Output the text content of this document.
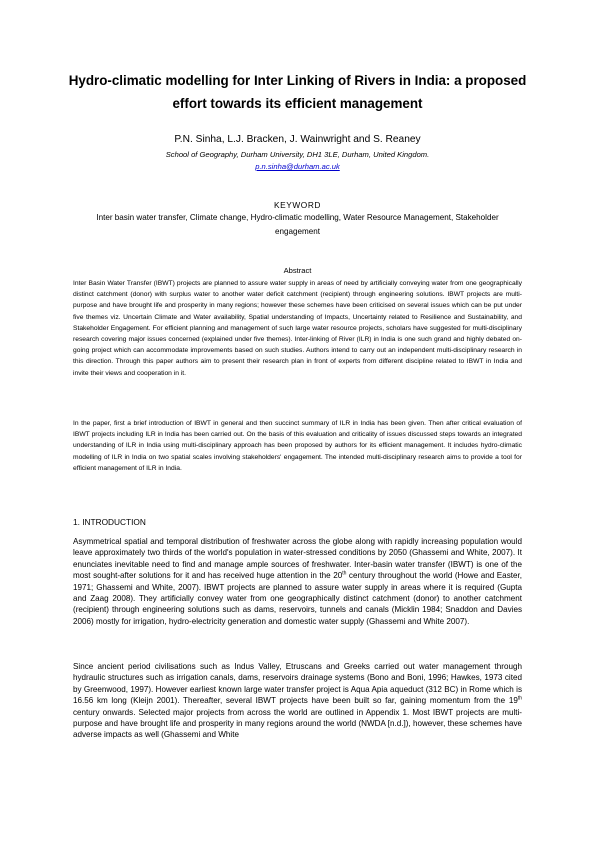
Hydro-climatic modelling for Inter Linking of Rivers in India: a proposed effort towards its efficient management
P.N. Sinha, L.J. Bracken, J. Wainwright and S. Reaney
School of Geography, Durham University, DH1 3LE, Durham, United Kingdom.
p.n.sinha@durham.ac.uk
KEYWORD
Inter basin water transfer, Climate change, Hydro-climatic modelling, Water Resource Management, Stakeholder engagement
Abstract
Inter Basin Water Transfer (IBWT) projects are planned to assure water supply in areas of need by artificially conveying water from one geographically distinct catchment (donor) with surplus water to another water deficit catchment (recipient) through engineering solutions. IBWT projects are multi-purpose and have brought life and prosperity in many regions; however these schemes have been criticised on several issues which can be put under five themes viz. Uncertain Climate and Water availability, Spatial understanding of Impacts, Uncertainty related to Resilience and Sustainability, and Stakeholder Engagement. For efficient planning and management of such large water resource projects, scholars have suggested for multi-disciplinary research covering major issues concerned (explained under five themes). Inter-linking of River (ILR) in India is one such grand and highly debated on-going project which can accommodate improvements based on such studies. Authors intend to carry out an independent multi-disciplinary research in this direction. Through this paper authors aim to present their research plan in front of experts from different discipline related to IBWT in India and invite their views and cooperation in it.
In the paper, first a brief introduction of IBWT in general and then succinct summary of ILR in India has been given. Then after critical evaluation of IBWT projects including ILR in India has been carried out. On the basis of this evaluation and criticality of issues discussed steps towards an integrated understanding of ILR in India using multi-disciplinary approach has been proposed by authors for its efficient management. It includes hydro-climatic modelling of ILR in India on two spatial scales involving stakeholders' engagement. The intended multi-disciplinary research aims to provide a tool for efficient management of ILR in India.
1. INTRODUCTION
Asymmetrical spatial and temporal distribution of freshwater across the globe along with rapidly increasing population would leave approximately two thirds of the world's population in water-stressed conditions by 2050 (Ghassemi and White, 2007). It enunciates inevitable need to find and manage ample sources of freshwater. Inter-basin water transfer (IBWT) is one of the most sought-after solutions for it and has received huge attention in the 20th century throughout the world (Howe and Easter, 1971; Ghassemi and White, 2007). IBWT projects are planned to assure water supply in areas where it is required (Gupta and Zaag 2008). They artificially convey water from one geographically distinct catchment (donor) to another catchment (recipient) through engineering solutions such as dams, reservoirs, tunnels and canals (Micklin 1984; Snaddon and Davies 2006) mostly for irrigation, hydro-electricity generation and domestic water supply (Ghassemi and White 2007).
Since ancient period civilisations such as Indus Valley, Etruscans and Greeks carried out water management through hydraulic structures such as irrigation canals, dams, reservoirs drainage systems (Bono and Boni, 1996; Hawkes, 1973 cited by Greenwood, 1997). However earliest known large water transfer project is Aqua Apia aqueduct (312 BC) in Rome which is 16.56 km long (Kleijn 2001). Thereafter, several IBWT projects have been built so far, gaining momentum from the 19th century onwards. Selected major projects from across the world are outlined in Appendix 1. Most IBWT projects are multi-purpose and have brought life and prosperity in many regions around the world (NWDA [n.d.]), however, these schemes have adverse impacts as well (Ghassemi and White
